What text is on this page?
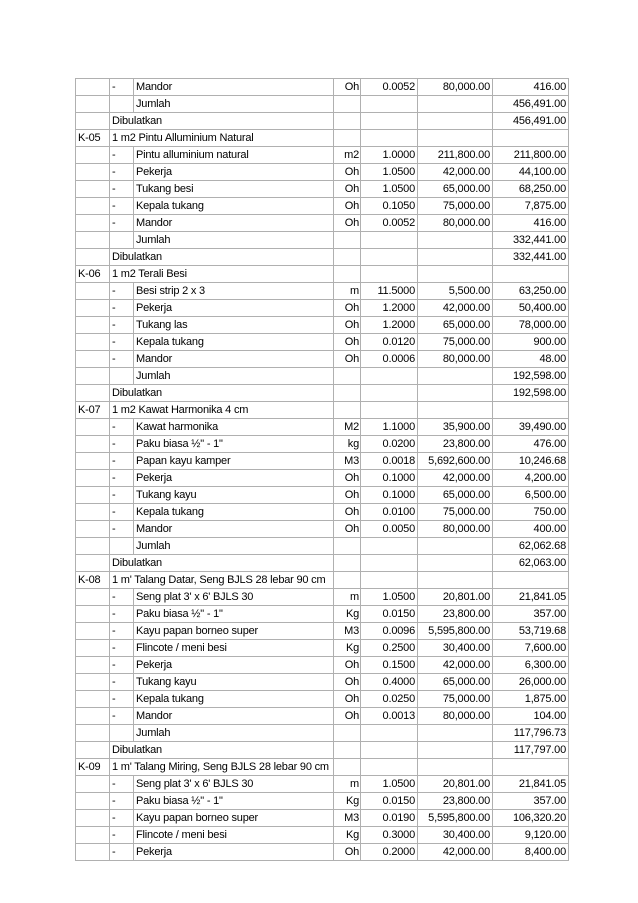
	-	Mandor	Oh	0.0052	80,000.00	416.00
		Jumlah				456,491.00
	Dibulatkan					456,491.00
K-05	1 m2 Pintu Alluminium Natural					
	-	Pintu alluminium natural	m2	1.0000	211,800.00	211,800.00
	-	Pekerja	Oh	1.0500	42,000.00	44,100.00
	-	Tukang besi	Oh	1.0500	65,000.00	68,250.00
	-	Kepala tukang	Oh	0.1050	75,000.00	7,875.00
	-	Mandor	Oh	0.0052	80,000.00	416.00
		Jumlah				332,441.00
	Dibulatkan					332,441.00
K-06	1 m2 Terali Besi					
	-	Besi strip 2 x 3	m	11.5000	5,500.00	63,250.00
	-	Pekerja	Oh	1.2000	42,000.00	50,400.00
	-	Tukang las	Oh	1.2000	65,000.00	78,000.00
	-	Kepala tukang	Oh	0.0120	75,000.00	900.00
	-	Mandor	Oh	0.0006	80,000.00	48.00
		Jumlah				192,598.00
	Dibulatkan					192,598.00
K-07	1 m2 Kawat Harmonika 4 cm					
	-	Kawat harmonika	M2	1.1000	35,900.00	39,490.00
	-	Paku biasa ½" - 1"	kg	0.0200	23,800.00	476.00
	-	Papan kayu kamper	M3	0.0018	5,692,600.00	10,246.68
	-	Pekerja	Oh	0.1000	42,000.00	4,200.00
	-	Tukang kayu	Oh	0.1000	65,000.00	6,500.00
	-	Kepala tukang	Oh	0.0100	75,000.00	750.00
	-	Mandor	Oh	0.0050	80,000.00	400.00
		Jumlah				62,062.68
	Dibulatkan					62,063.00
K-08	1 m' Talang Datar, Seng BJLS 28 lebar 90 cm					
	-	Seng plat 3' x 6' BJLS 30	m	1.0500	20,801.00	21,841.05
	-	Paku biasa ½" - 1"	Kg	0.0150	23,800.00	357.00
	-	Kayu papan borneo super	M3	0.0096	5,595,800.00	53,719.68
	-	Flincote / meni besi	Kg	0.2500	30,400.00	7,600.00
	-	Pekerja	Oh	0.1500	42,000.00	6,300.00
	-	Tukang kayu	Oh	0.4000	65,000.00	26,000.00
	-	Kepala tukang	Oh	0.0250	75,000.00	1,875.00
	-	Mandor	Oh	0.0013	80,000.00	104.00
		Jumlah				117,796.73
	Dibulatkan					117,797.00
K-09	1 m' Talang Miring, Seng BJLS 28 lebar 90 cm					
	-	Seng plat 3' x 6' BJLS 30	m	1.0500	20,801.00	21,841.05
	-	Paku biasa ½" - 1"	Kg	0.0150	23,800.00	357.00
	-	Kayu papan borneo super	M3	0.0190	5,595,800.00	106,320.20
	-	Flincote / meni besi	Kg	0.3000	30,400.00	9,120.00
	-	Pekerja	Oh	0.2000	42,000.00	8,400.00
